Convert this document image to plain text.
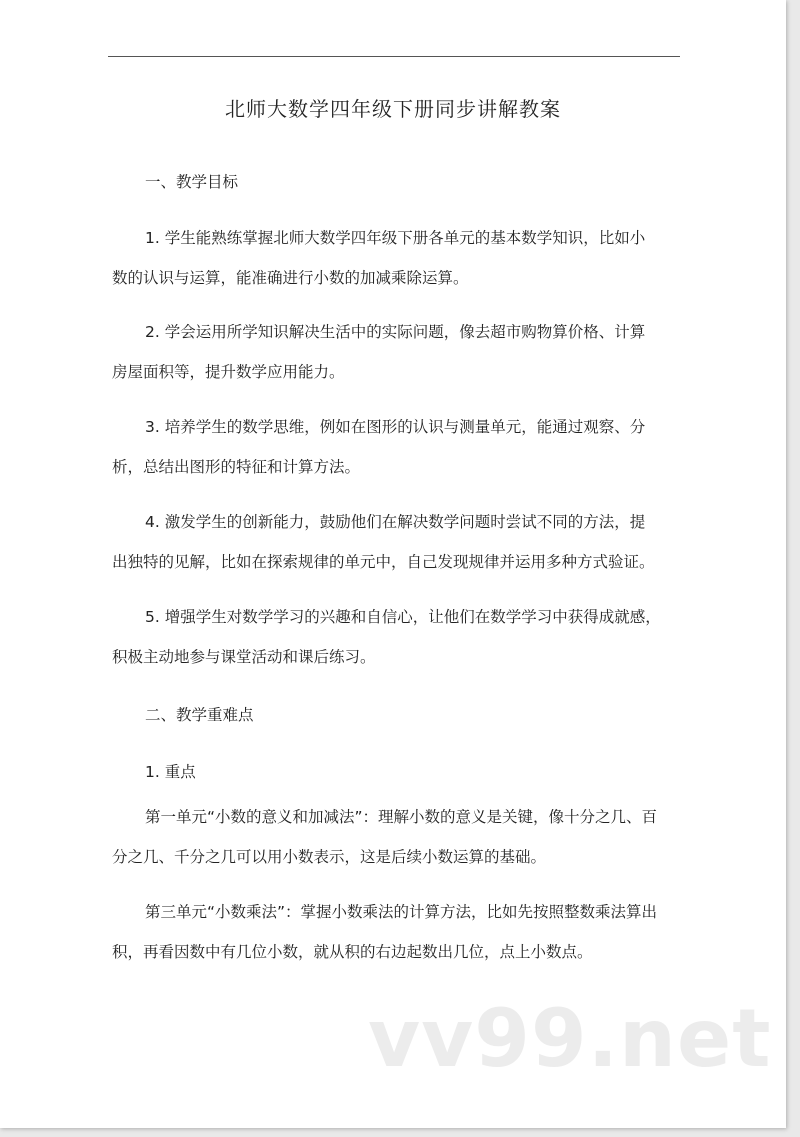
北师大数学四年级下册同步讲解教案
一、教学目标
1. 学生能熟练掌握北师大数学四年级下册各单元的基本数学知识，比如小
数的认识与运算，能准确进行小数的加减乘除运算。
2. 学会运用所学知识解决生活中的实际问题，像去超市购物算价格、计算
房屋面积等，提升数学应用能力。
3. 培养学生的数学思维，例如在图形的认识与测量单元，能通过观察、分
析，总结出图形的特征和计算方法。
4. 激发学生的创新能力，鼓励他们在解决数学问题时尝试不同的方法，提
出独特的见解，比如在探索规律的单元中，自己发现规律并运用多种方式验证。
5. 增强学生对数学学习的兴趣和自信心，让他们在数学学习中获得成就感，
积极主动地参与课堂活动和课后练习。
二、教学重难点
1. 重点
第一单元“小数的意义和加减法”：理解小数的意义是关键，像十分之几、百
分之几、千分之几可以用小数表示，这是后续小数运算的基础。
第三单元“小数乘法”：掌握小数乘法的计算方法，比如先按照整数乘法算出
积，再看因数中有几位小数，就从积的右边起数出几位，点上小数点。
vv99.net
